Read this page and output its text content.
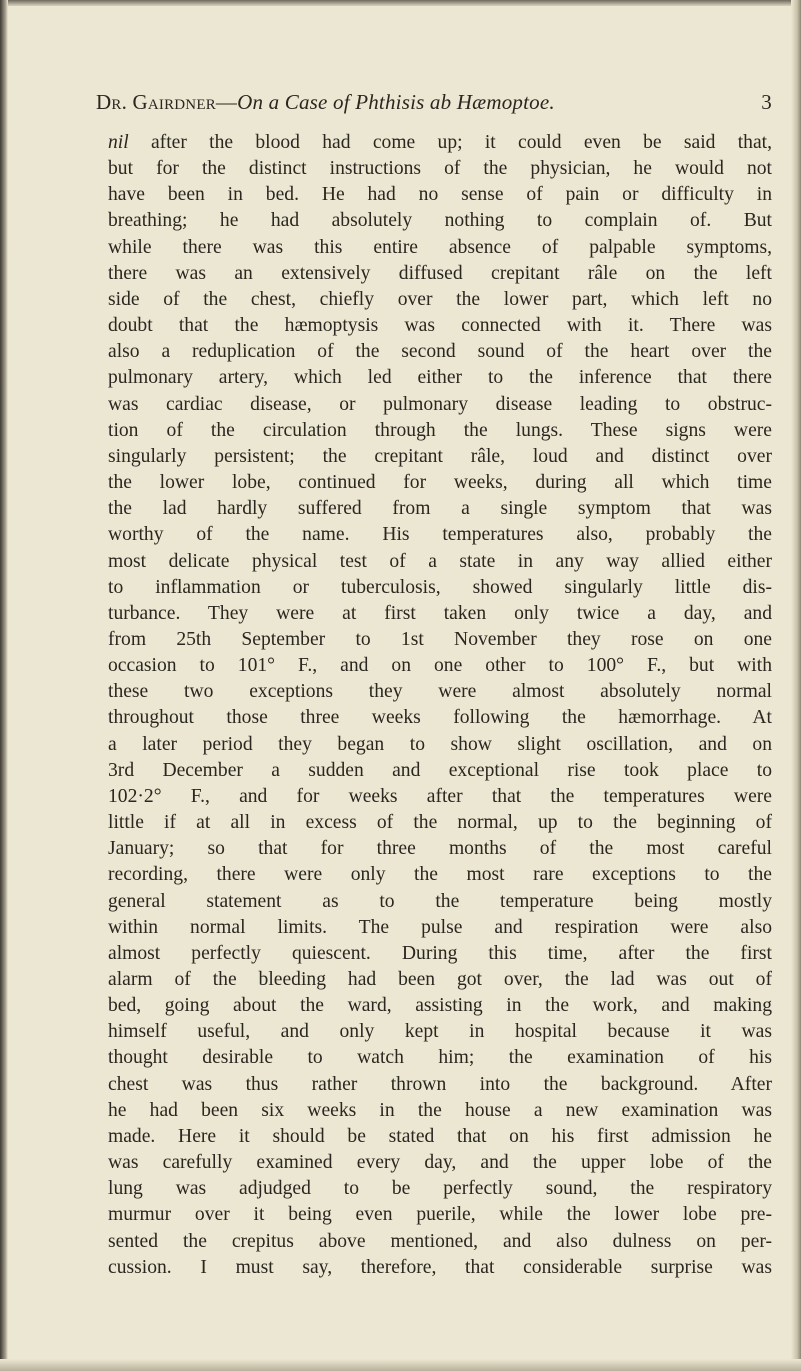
Dr. Gairdner—On a Case of Phthisis ab Hæmoptoe.	3
nil after the blood had come up; it could even be said that,
but for the distinct instructions of the physician, he would not
have been in bed. He had no sense of pain or difficulty in
breathing; he had absolutely nothing to complain of. But
while there was this entire absence of palpable symptoms,
there was an extensively diffused crepitant râle on the left
side of the chest, chiefly over the lower part, which left no
doubt that the hæmoptysis was connected with it. There was
also a reduplication of the second sound of the heart over the
pulmonary artery, which led either to the inference that there
was cardiac disease, or pulmonary disease leading to obstruc-
tion of the circulation through the lungs. These signs were
singularly persistent; the crepitant râle, loud and distinct over
the lower lobe, continued for weeks, during all which time
the lad hardly suffered from a single symptom that was
worthy of the name. His temperatures also, probably the
most delicate physical test of a state in any way allied either
to inflammation or tuberculosis, showed singularly little dis-
turbance. They were at first taken only twice a day, and
from 25th September to 1st November they rose on one
occasion to 101° F., and on one other to 100° F., but with
these two exceptions they were almost absolutely normal
throughout those three weeks following the hæmorrhage. At
a later period they began to show slight oscillation, and on
3rd December a sudden and exceptional rise took place to
102·2° F., and for weeks after that the temperatures were
little if at all in excess of the normal, up to the beginning of
January; so that for three months of the most careful
recording, there were only the most rare exceptions to the
general statement as to the temperature being mostly
within normal limits. The pulse and respiration were also
almost perfectly quiescent. During this time, after the first
alarm of the bleeding had been got over, the lad was out of
bed, going about the ward, assisting in the work, and making
himself useful, and only kept in hospital because it was
thought desirable to watch him; the examination of his
chest was thus rather thrown into the background. After
he had been six weeks in the house a new examination was
made. Here it should be stated that on his first admission he
was carefully examined every day, and the upper lobe of the
lung was adjudged to be perfectly sound, the respiratory
murmur over it being even puerile, while the lower lobe pre-
sented the crepitus above mentioned, and also dulness on per-
cussion. I must say, therefore, that considerable surprise was
